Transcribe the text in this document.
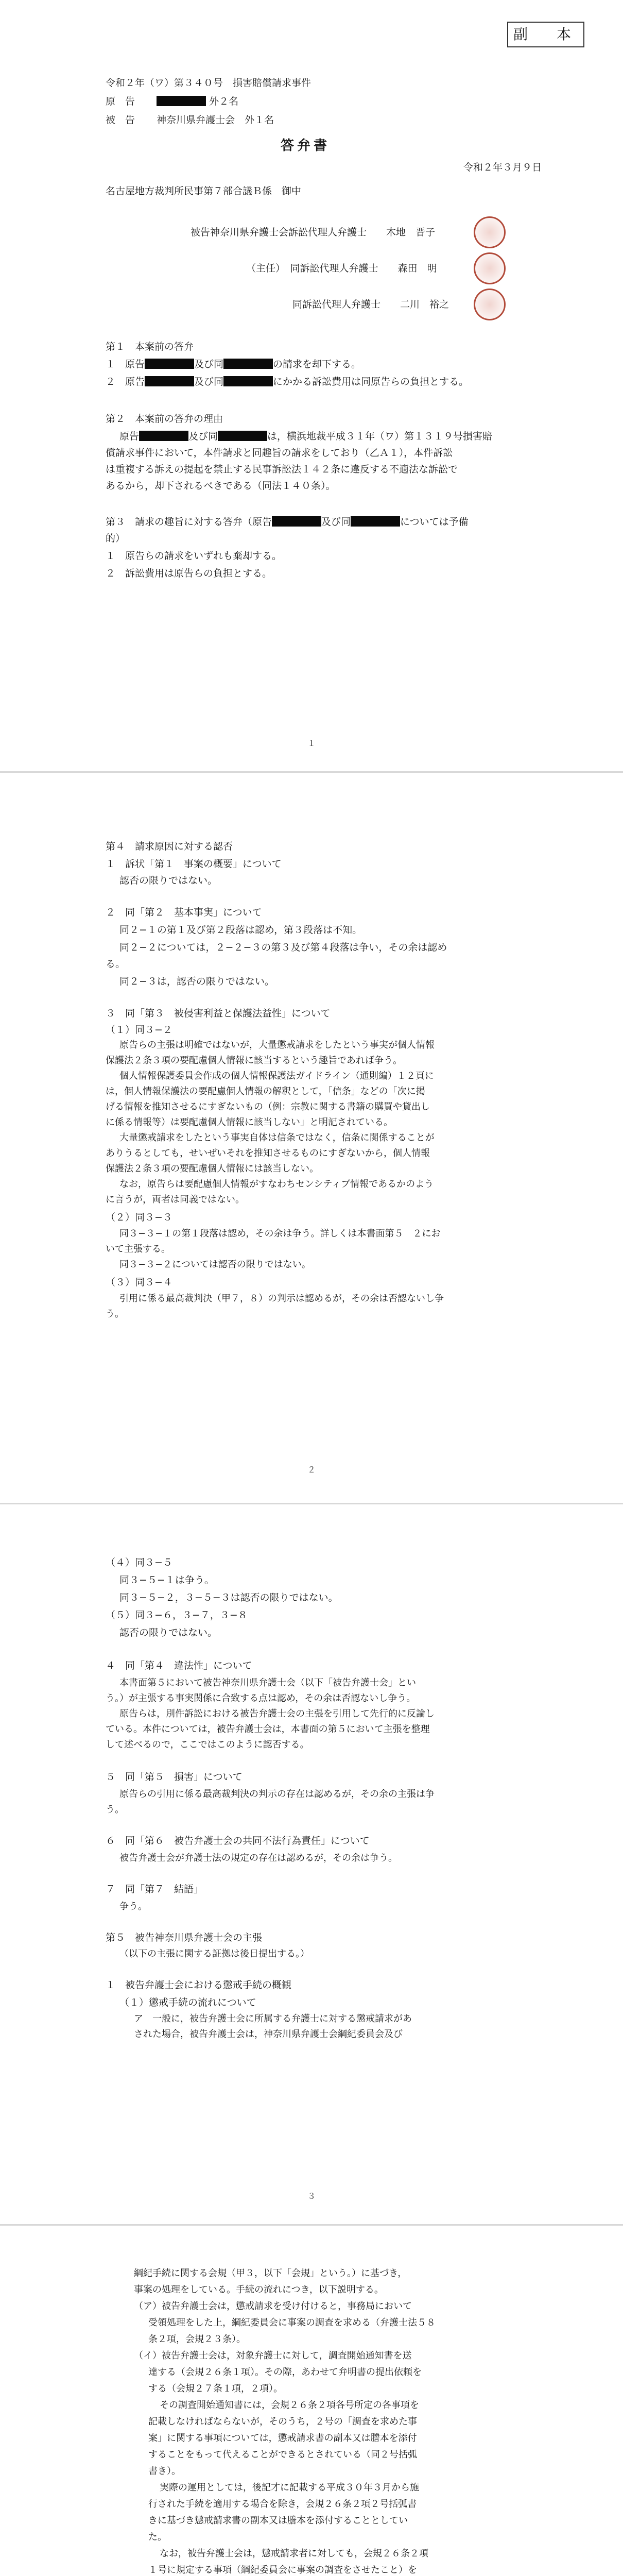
副　本
令和２年（ワ）第３４０号　損害賠償請求事件
原　告	外２名
被　告 神奈川県弁護士会　外１名
答弁書
令和２年３月９日
名古屋地方裁判所民事第７部合議Ｂ係　御中
被告神奈川県弁護士会訴訟代理人弁護士　　木地　晋子
（主任）　同訴訟代理人弁護士　　森田　明
同訴訟代理人弁護士　　二川　裕之
第１　本案前の答弁
１　原告	及び同	の請求を却下する。
２　原告	及び同	にかかる訴訟費用は同原告らの負担とする。
第２　本案前の答弁の理由
原告	及び同	は，横浜地裁平成３１年（ワ）第１３１９号損害賠
償請求事件において，本件請求と同趣旨の請求をしており（乙Ａ１），本件訴訟
は重複する訴えの提起を禁止する民事訴訟法１４２条に違反する不適法な訴訟で
あるから，却下されるべきである（同法１４０条）。
第３　請求の趣旨に対する答弁（原告	及び同	については予備
的）
１　原告らの請求をいずれも棄却する。
２　訴訟費用は原告らの負担とする。
１
第４　請求原因に対する認否
１　訴状「第１　事案の概要」について
認否の限りではない。
２　同「第２　基本事実」について
同２−１の第１及び第２段落は認め，第３段落は不知。
同２−２については，２−２−３の第３及び第４段落は争い，その余は認め
る。
同２−３は，認否の限りではない。
３　同「第３　被侵害利益と保護法益性」について
（１）同３−２
原告らの主張は明確ではないが，大量懲戒請求をしたという事実が個人情報
保護法２条３項の要配慮個人情報に該当するという趣旨であれば争う。
個人情報保護委員会作成の個人情報保護法ガイドライン（通則編）１２頁に
は，個人情報保護法の要配慮個人情報の解釈として，「信条」などの「次に掲
げる情報を推知させるにすぎないもの（例：宗教に関する書籍の購買や貸出し
に係る情報等）は要配慮個人情報に該当しない」と明記されている。
大量懲戒請求をしたという事実自体は信条ではなく，信条に関係することが
ありうるとしても，せいぜいそれを推知させるものにすぎないから，個人情報
保護法２条３項の要配慮個人情報には該当しない。
なお，原告らは要配慮個人情報がすなわちセンシティブ情報であるかのよう
に言うが，両者は同義ではない。
（２）同３−３
同３−３−１の第１段落は認め，その余は争う。詳しくは本書面第５　２にお
いて主張する。
同３−３−２については認否の限りではない。
（３）同３−４
引用に係る最高裁判決（甲７，８）の判示は認めるが，その余は否認ないし争
う。
２
（４）同３−５
同３−５−１は争う。
同３−５−２，３−５−３は認否の限りではない。
（５）同３−６，３−７，３−８
認否の限りではない。
４　同「第４　違法性」について
本書面第５において被告神奈川県弁護士会（以下「被告弁護士会」とい
う。）が主張する事実関係に合致する点は認め，その余は否認ないし争う。
原告らは，別件訴訟における被告弁護士会の主張を引用して先行的に反論し
ている。本件については，被告弁護士会は，本書面の第５において主張を整理
して述べるので，ここではこのように認否する。
５　同「第５　損害」について
原告らの引用に係る最高裁判決の判示の存在は認めるが，その余の主張は争
う。
６　同「第６　被告弁護士会の共同不法行為責任」について
被告弁護士会が弁護士法の規定の存在は認めるが，その余は争う。
７　同「第７　結語」
争う。
第５　被告神奈川県弁護士会の主張
（以下の主張に関する証拠は後日提出する。）
１　被告弁護士会における懲戒手続の概観
（１）懲戒手続の流れについて
ア　一般に，被告弁護士会に所属する弁護士に対する懲戒請求があ
された場合，被告弁護士会は，神奈川県弁護士会綱紀委員会及び
３
綱紀手続に関する会規（甲３，以下「会規」という。）に基づき，
事案の処理をしている。手続の流れにつき，以下説明する。
（ア）被告弁護士会は，懲戒請求を受け付けると，事務局において
受領処理をした上，綱紀委員会に事案の調査を求める（弁護士法５８
条２項，会規２３条）。
（イ）被告弁護士会は，対象弁護士に対して，調査開始通知書を送
達する（会規２６条１項）。その際，あわせて弁明書の提出依頼を
する（会規２７条１項，２項）。
その調査開始通知書には，会規２６条２項各号所定の各事項を
記載しなければならないが，そのうち，２号の「調査を求めた事
案」に関する事項については，懲戒請求書の副本又は謄本を添付
することをもって代えることができるとされている（同２号括弧
書き）。
実際の運用としては，後記才に記載する平成３０年３月から施
行された手続を適用する場合を除き，会規２６条２項２号括弧書
きに基づき懲戒請求書の副本又は謄本を添付することとしてい
た。
なお，被告弁護士会は，懲戒請求者に対しても，会規２６条２項
１号に規定する事項（綱紀委員会に事案の調査をさせたこと）を
